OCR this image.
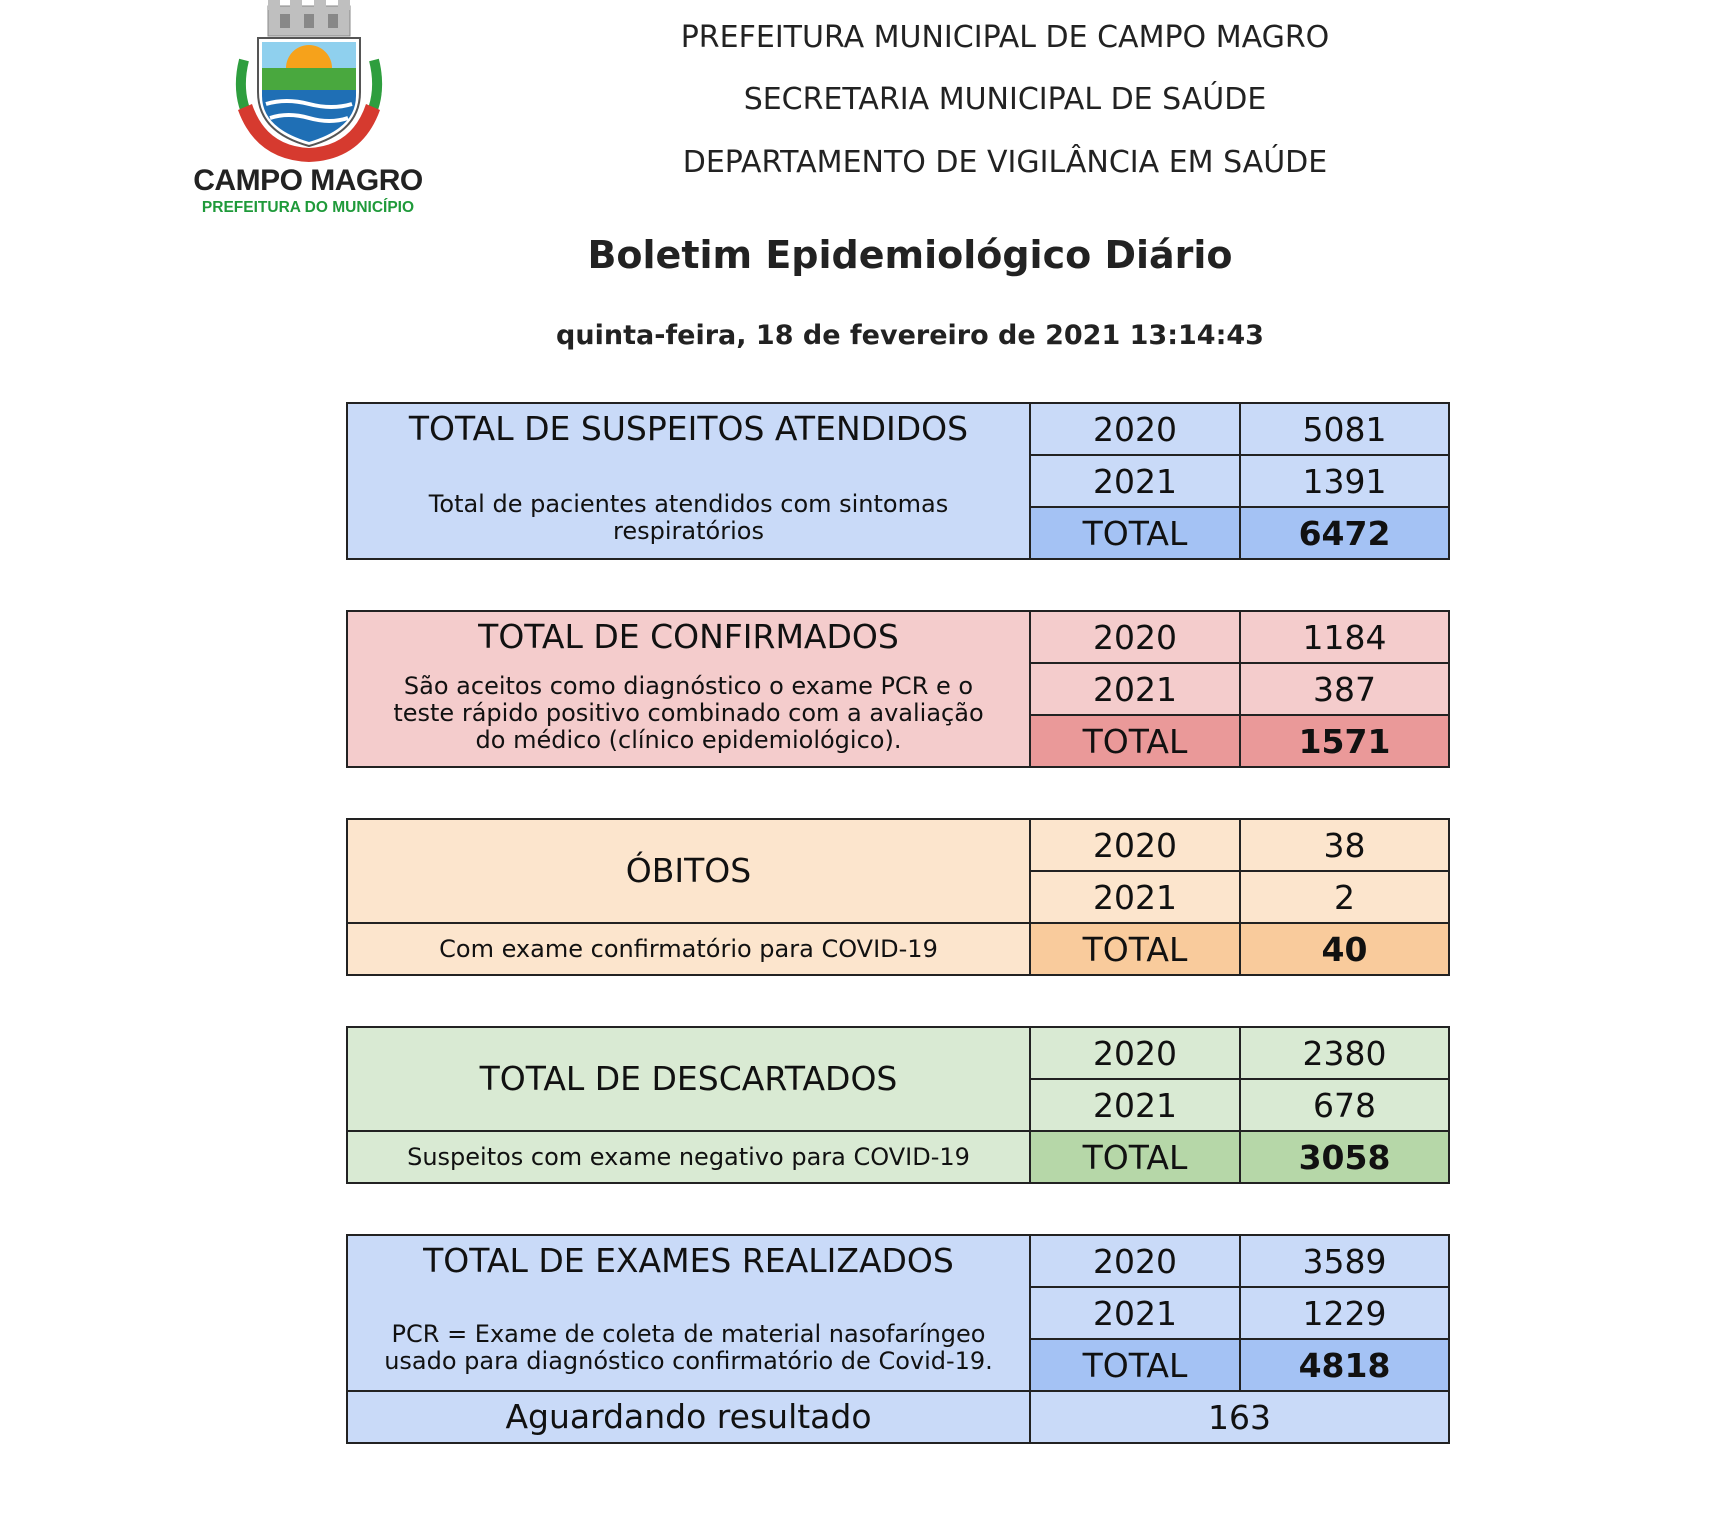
CAMPO MAGRO
PREFEITURA DO MUNICÍPIO
PREFEITURA MUNICIPAL DE CAMPO MAGRO
SECRETARIA MUNICIPAL DE SAÚDE
DEPARTAMENTO DE VIGILÂNCIA EM SAÚDE
Boletim Epidemiológico Diário
quinta-feira, 18 de fevereiro de 2021 13:14:43
TOTAL DE SUSPEITOS ATENDIDOS
Total de pacientes atendidos com sintomas
respiratórios
2020	5081
2021	1391
TOTAL	6472
TOTAL DE CONFIRMADOS
São aceitos como diagnóstico o exame PCR e o
teste rápido positivo combinado com a avaliação
do médico (clínico epidemiológico).
2020	1184
2021	387
TOTAL	1571
ÓBITOS
Com exame confirmatório para COVID-19
2020	38
2021	2
TOTAL	40
TOTAL DE DESCARTADOS
Suspeitos com exame negativo para COVID-19
2020	2380
2021	678
TOTAL	3058
TOTAL DE EXAMES REALIZADOS
PCR = Exame de coleta de material nasofaríngeo
usado para diagnóstico confirmatório de Covid-19.
2020	3589
2021	1229
TOTAL	4818
Aguardando resultado	163
